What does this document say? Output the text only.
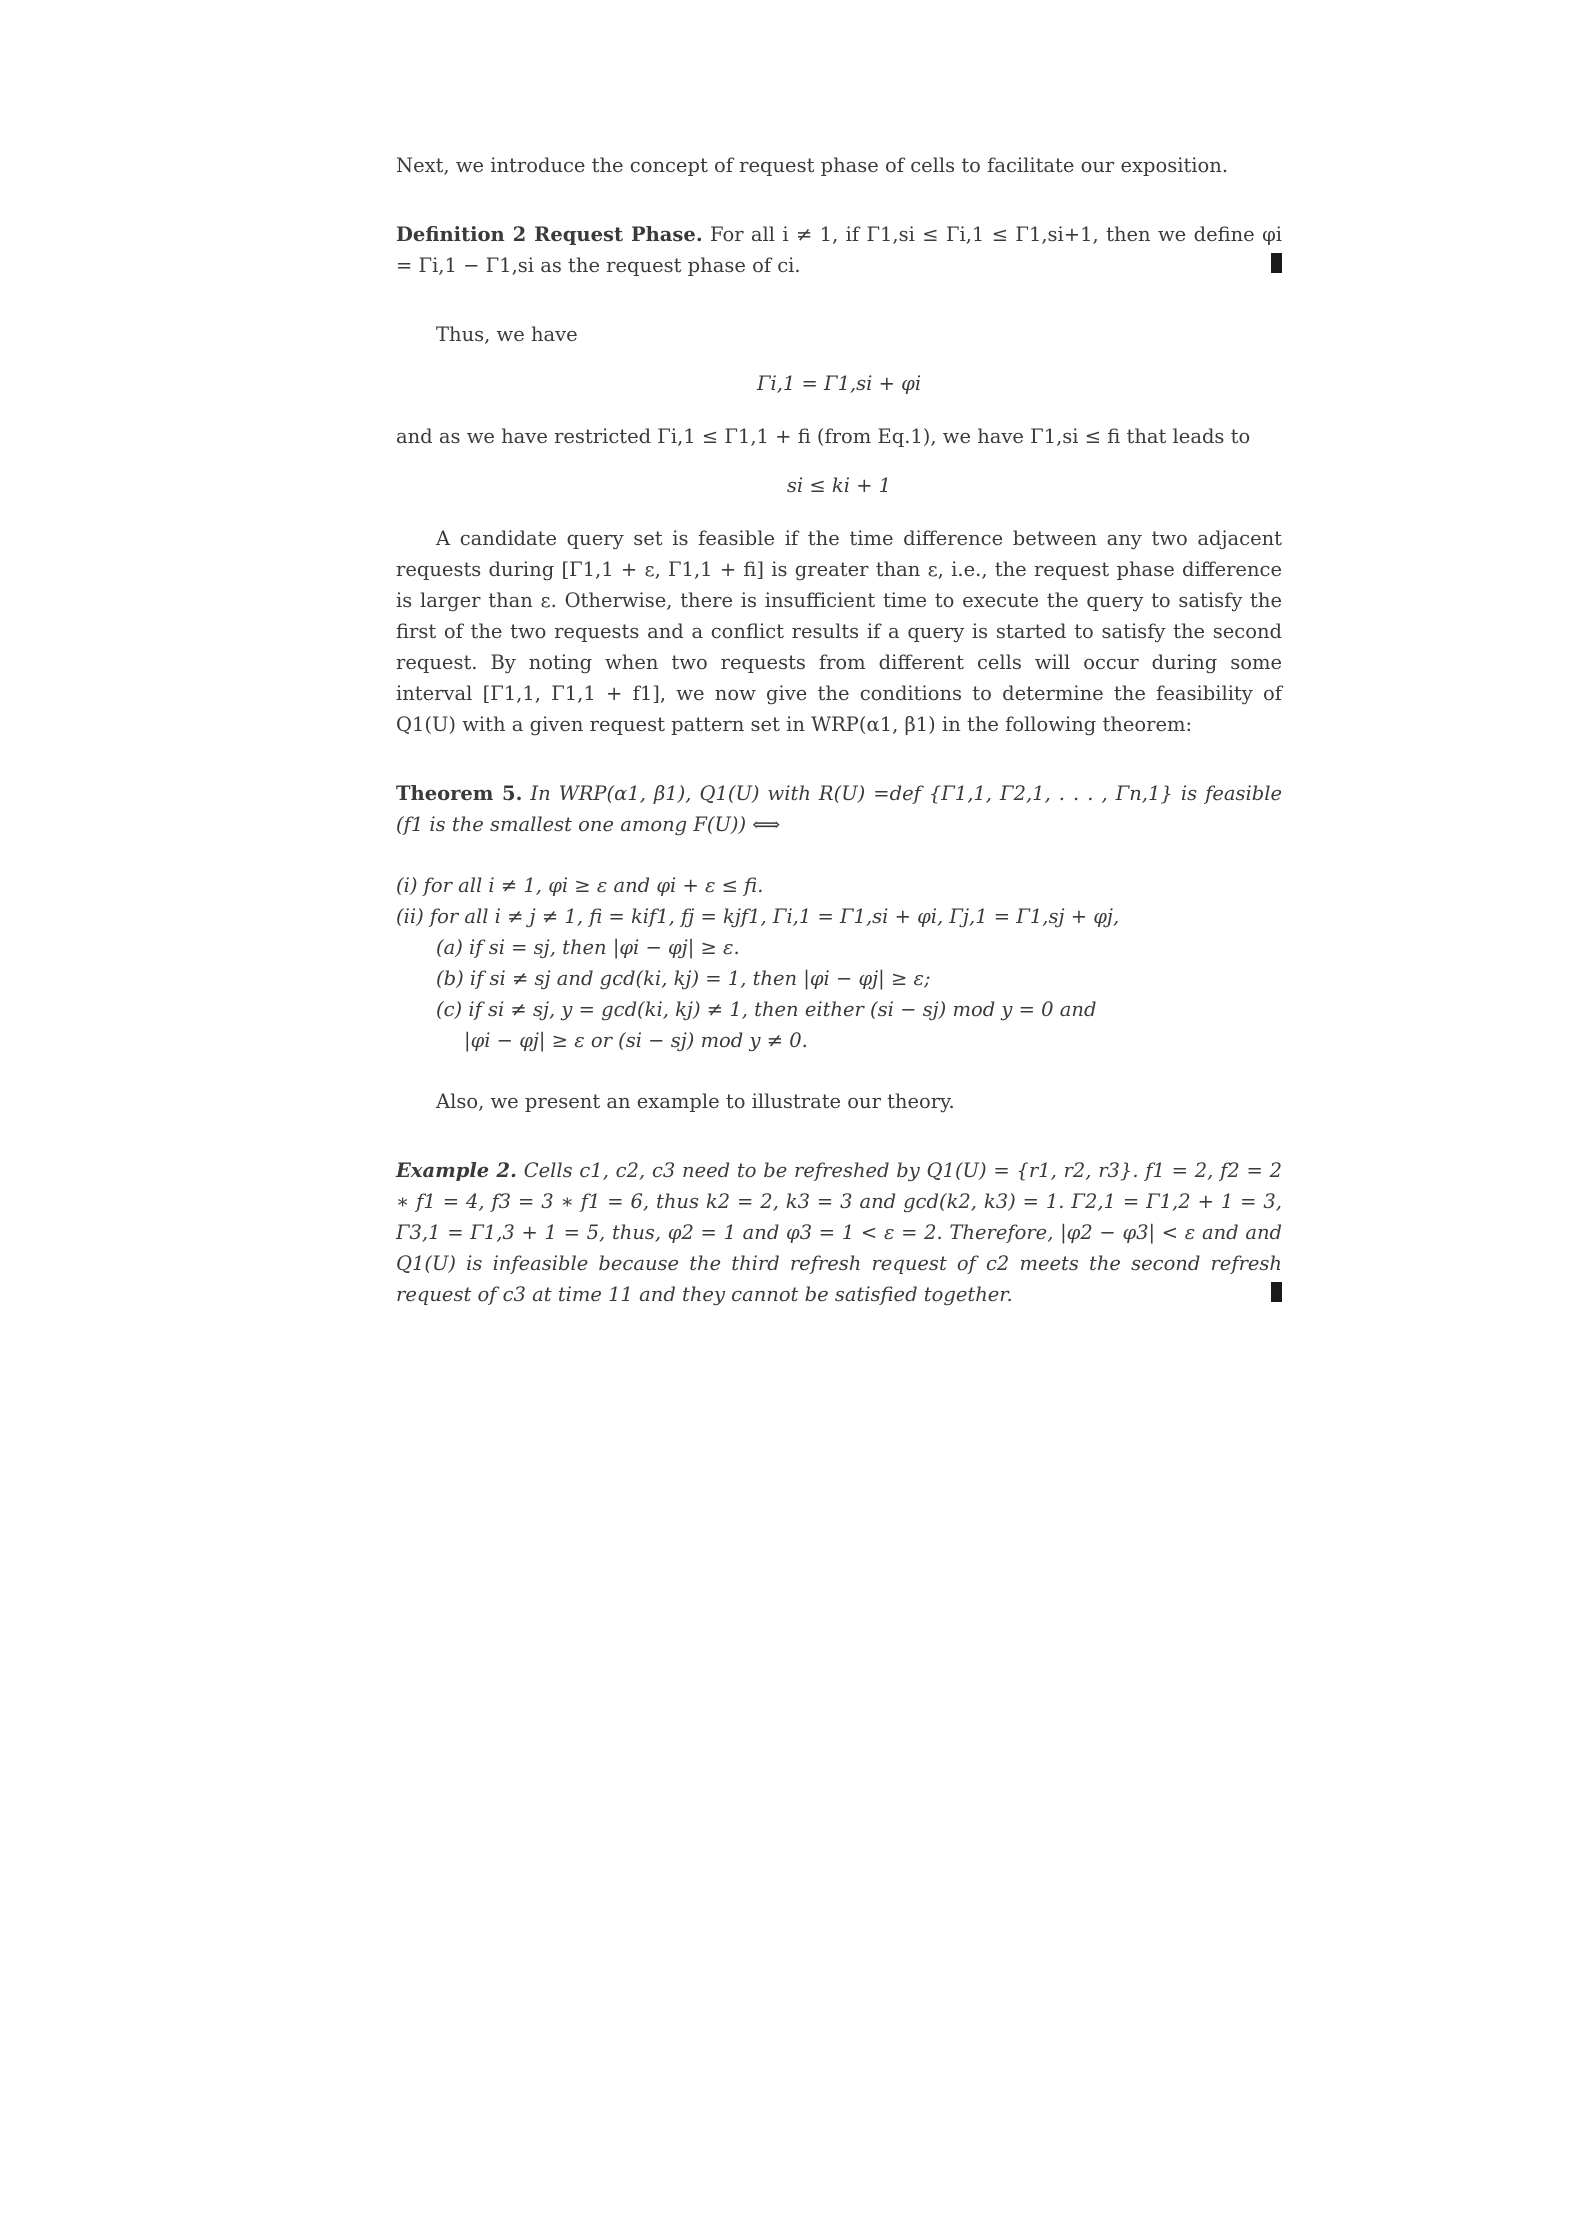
Next, we introduce the concept of request phase of cells to facilitate our exposition.

Definition 2 Request Phase. For all i ≠ 1, if Γ1,si ≤ Γi,1 ≤ Γ1,si+1, then we define φi = Γi,1 − Γ1,si as the request phase of ci.

Thus, we have

Γi,1 = Γ1,si + φi

and as we have restricted Γi,1 ≤ Γ1,1 + fi (from Eq.1), we have Γ1,si ≤ fi that leads to

si ≤ ki + 1

A candidate query set is feasible if the time difference between any two adjacent requests during [Γ1,1 + ε, Γ1,1 + fi] is greater than ε, i.e., the request phase difference is larger than ε. Otherwise, there is insufficient time to execute the query to satisfy the first of the two requests and a conflict results if a query is started to satisfy the second request. By noting when two requests from different cells will occur during some interval [Γ1,1, Γ1,1 + f1], we now give the conditions to determine the feasibility of Q1(U) with a given request pattern set in WRP(α1, β1) in the following theorem:

Theorem 5. In WRP(α1, β1), Q1(U) with R(U) =def {Γ1,1, Γ2,1, . . . , Γn,1} is feasible (f1 is the smallest one among F(U)) ⟺

(i) for all i ≠ 1, φi ≥ ε and φi + ε ≤ fi.

(ii) for all i ≠ j ≠ 1, fi = kif1, fj = kjf1, Γi,1 = Γ1,si + φi, Γj,1 = Γ1,sj + φj,

(a) if si = sj, then |φi − φj| ≥ ε.

(b) if si ≠ sj and gcd(ki, kj) = 1, then |φi − φj| ≥ ε;

(c) if si ≠ sj, y = gcd(ki, kj) ≠ 1, then either (si − sj) mod y = 0 and

|φi − φj| ≥ ε or (si − sj) mod y ≠ 0.

Also, we present an example to illustrate our theory.

Example 2. Cells c1, c2, c3 need to be refreshed by Q1(U) = {r1, r2, r3}. f1 = 2, f2 = 2 ∗ f1 = 4, f3 = 3 ∗ f1 = 6, thus k2 = 2, k3 = 3 and gcd(k2, k3) = 1. Γ2,1 = Γ1,2 + 1 = 3, Γ3,1 = Γ1,3 + 1 = 5, thus, φ2 = 1 and φ3 = 1 < ε = 2. Therefore, |φ2 − φ3| < ε and and Q1(U) is infeasible because the third refresh request of c2 meets the second refresh request of c3 at time 11 and they cannot be satisfied together.
